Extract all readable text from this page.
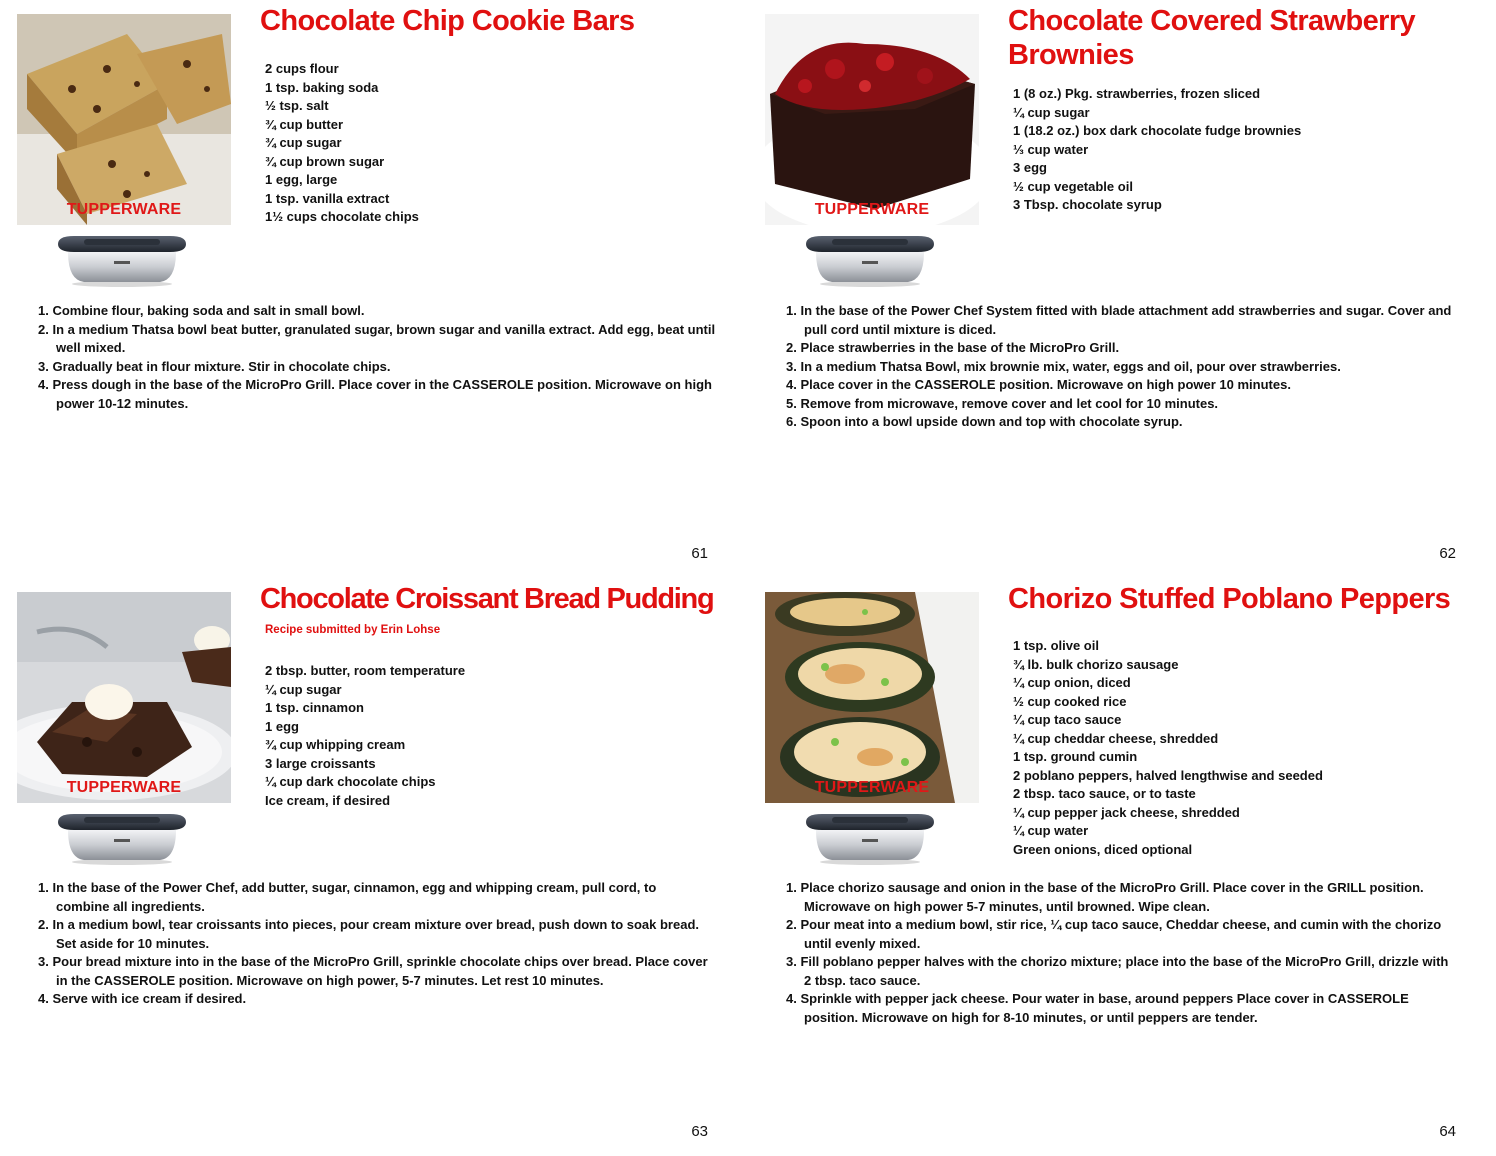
TUPPERWARE
Chocolate Chip Cookie Bars
2 cups flour
1 tsp. baking soda
½ tsp. salt
¾ cup butter
¾ cup sugar
¾ cup brown sugar
1 egg, large
1 tsp. vanilla extract
1½ cups chocolate chips
1. Combine flour, baking soda and salt in small bowl.
2. In a medium Thatsa bowl beat butter, granulated sugar, brown sugar and vanilla extract. Add egg, beat until well mixed.
3. Gradually beat in flour mixture. Stir in chocolate chips.
4. Press dough in the base of the MicroPro Grill. Place cover in the CASSEROLE position. Microwave on high power 10-12 minutes.
61
TUPPERWARE
Chocolate Covered Strawberry Brownies
1 (8 oz.) Pkg. strawberries, frozen sliced
¼ cup sugar
1 (18.2 oz.) box dark chocolate fudge brownies
⅓ cup water
3 egg
½ cup vegetable oil
3 Tbsp. chocolate syrup
1. In the base of the Power Chef System fitted with blade attachment add strawberries and sugar. Cover and pull cord until mixture is diced.
2. Place strawberries in the base of the MicroPro Grill.
3. In a medium Thatsa Bowl, mix brownie mix, water, eggs and oil, pour over strawberries.
4. Place cover in the CASSEROLE position. Microwave on high power 10 minutes.
5. Remove from microwave, remove cover and let cool for 10 minutes.
6. Spoon into a bowl upside down and top with chocolate syrup.
62
TUPPERWARE
Chocolate Croissant Bread Pudding
Recipe submitted by Erin Lohse
2 tbsp. butter, room temperature
¼ cup sugar
1 tsp. cinnamon
1 egg
¾ cup whipping cream
3 large croissants
¼ cup dark chocolate chips
Ice cream, if desired
1. In the base of the Power Chef, add butter, sugar, cinnamon, egg and whipping cream, pull cord, to combine all ingredients.
2. In a medium bowl, tear croissants into pieces, pour cream mixture over bread, push down to soak bread. Set aside for 10 minutes.
3. Pour bread mixture into in the base of the MicroPro Grill, sprinkle chocolate chips over bread. Place cover in the CASSEROLE position. Microwave on high power, 5-7 minutes. Let rest 10 minutes.
4. Serve with ice cream if desired.
63
TUPPERWARE
Chorizo Stuffed Poblano Peppers
1 tsp. olive oil
¾ lb. bulk chorizo sausage
¼ cup onion, diced
½ cup cooked rice
¼ cup taco sauce
¼ cup cheddar cheese, shredded
1 tsp. ground cumin
2 poblano peppers, halved lengthwise and seeded
2 tbsp. taco sauce, or to taste
¼ cup pepper jack cheese, shredded
¼ cup water
Green onions, diced optional
1. Place chorizo sausage and onion in the base of the MicroPro Grill. Place cover in the GRILL position. Microwave on high power 5-7 minutes, until browned. Wipe clean.
2. Pour meat into a medium bowl, stir rice, ¼ cup taco sauce, Cheddar cheese, and cumin with the chorizo until evenly mixed.
3. Fill poblano pepper halves with the chorizo mixture; place into the base of the MicroPro Grill, drizzle with 2 tbsp. taco sauce.
4. Sprinkle with pepper jack cheese. Pour water in base, around peppers Place cover in CASSEROLE position. Microwave on high for 8-10 minutes, or until peppers are tender.
64
